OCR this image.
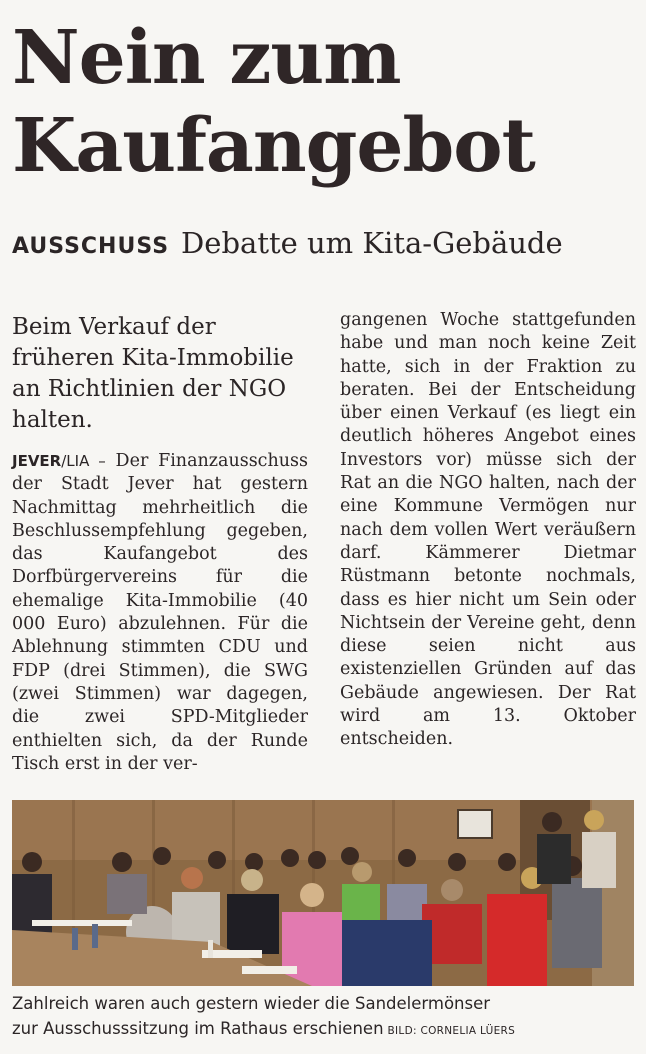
Nein zum
Kaufangebot
AUSSCHUSS Debatte um Kita-Gebäude
Beim Verkauf der früheren Kita-Immobilie an Richtlinien der NGO halten.
JEVER/LIA – Der Finanzausschuss der Stadt Jever hat gestern Nachmittag mehrheitlich die Beschlussempfehlung gegeben, das Kaufangebot des Dorfbürgervereins für die ehemalige Kita-Immobilie (40 000 Euro) abzulehnen. Für die Ablehnung stimmten CDU und FDP (drei Stimmen), die SWG (zwei Stimmen) war dagegen, die zwei SPD-Mitglieder enthielten sich, da der Runde Tisch erst in der ver-
gangenen Woche stattgefunden habe und man noch keine Zeit hatte, sich in der Fraktion zu beraten. Bei der Entscheidung über einen Verkauf (es liegt ein deutlich höheres Angebot eines Investors vor) müsse sich der Rat an die NGO halten, nach der eine Kommune Vermögen nur nach dem vollen Wert veräußern darf. Kämmerer Dietmar Rüstmann betonte nochmals, dass es hier nicht um Sein oder Nichtsein der Vereine geht, denn diese seien nicht aus existenziellen Gründen auf das Gebäude angewiesen. Der Rat wird am 13. Oktober entscheiden.
Zahlreich waren auch gestern wieder die Sandelermönser
zur Ausschusssitzung im Rathaus erschienen BILD: CORNELIA LÜERS
